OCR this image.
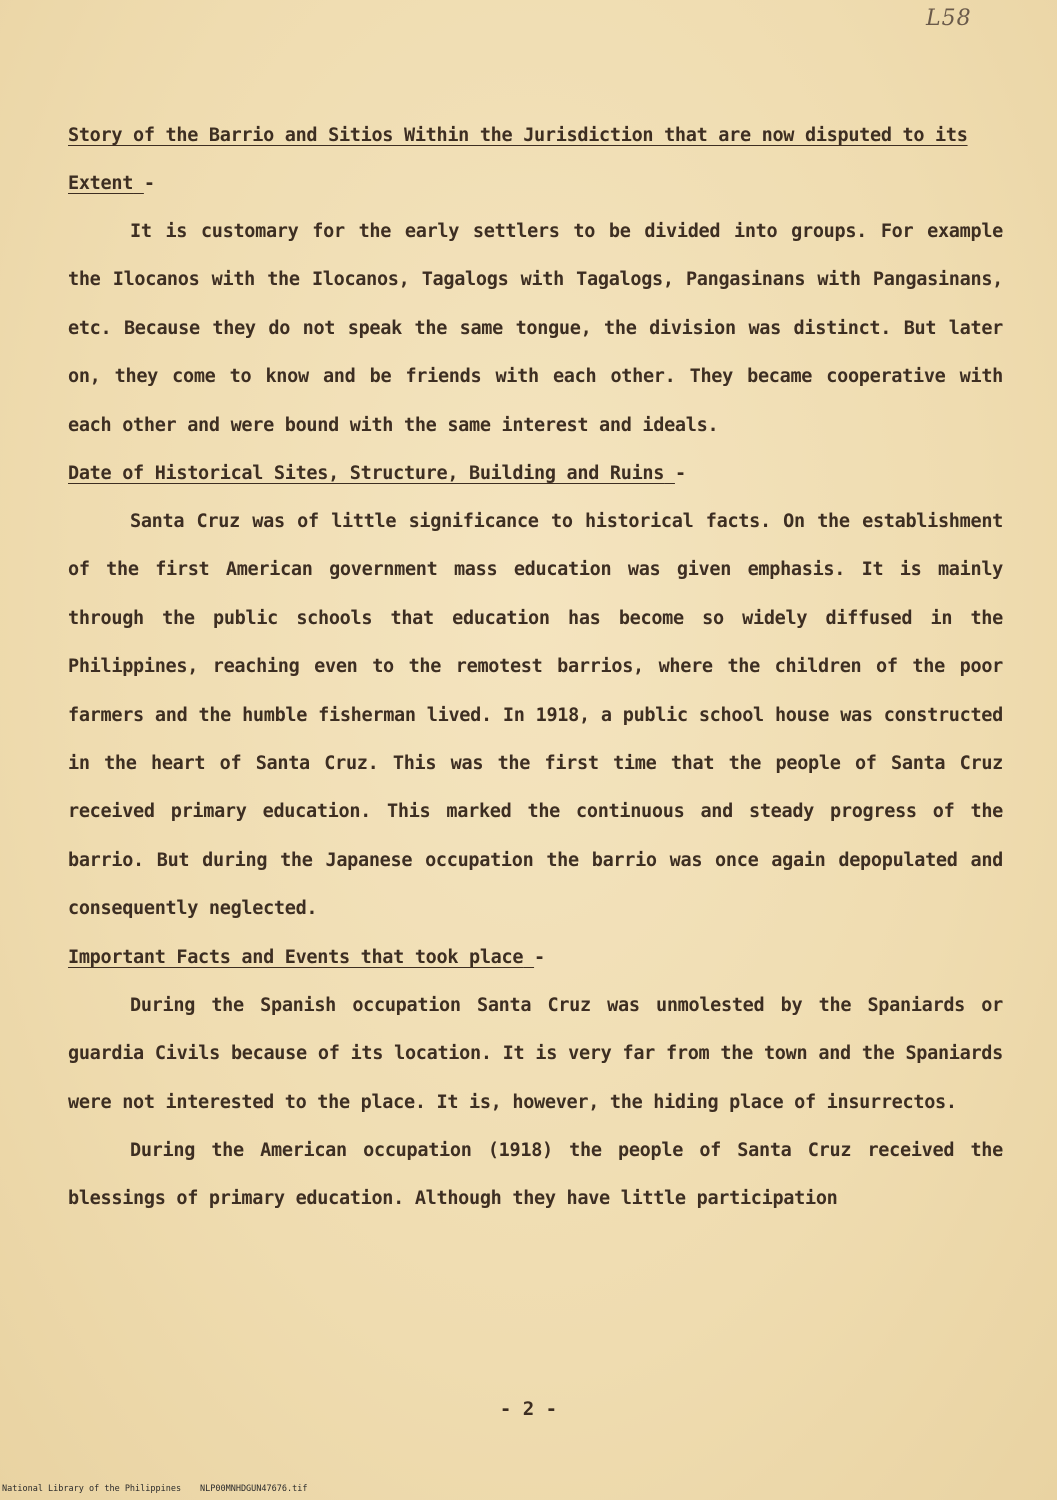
L58

Story of the Barrio and Sitios Within the Jurisdiction that are now disputed to its Extent -

It is customary for the early settlers to be divided into groups. For example the Ilocanos with the Ilocanos, Tagalogs with Tagalogs, Pangasinans with Pangasinans, etc. Because they do not speak the same tongue, the division was distinct. But later on, they come to know and be friends with each other. They became cooperative with each other and were bound with the same interest and ideals.

Date of Historical Sites, Structure, Building and Ruins -

Santa Cruz was of little significance to historical facts. On the establishment of the first American government mass education was given emphasis. It is mainly through the public schools that education has become so widely diffused in the Philippines, reaching even to the remotest barrios, where the children of the poor farmers and the humble fisherman lived. In 1918, a public school house was constructed in the heart of Santa Cruz. This was the first time that the people of Santa Cruz received primary education. This marked the continuous and steady progress of the barrio. But during the Japanese occupation the barrio was once again depopulated and consequently neglected.

Important Facts and Events that took place -

During the Spanish occupation Santa Cruz was unmolested by the Spaniards or guardia Civils because of its location. It is very far from the town and the Spaniards were not interested to the place. It is, however, the hiding place of insurrectos.

During the American occupation (1918) the people of Santa Cruz received the blessings of primary education. Although they have little participation

- 2 -
National Library of the Philippines NLP00MNHDGUN47676.tif
